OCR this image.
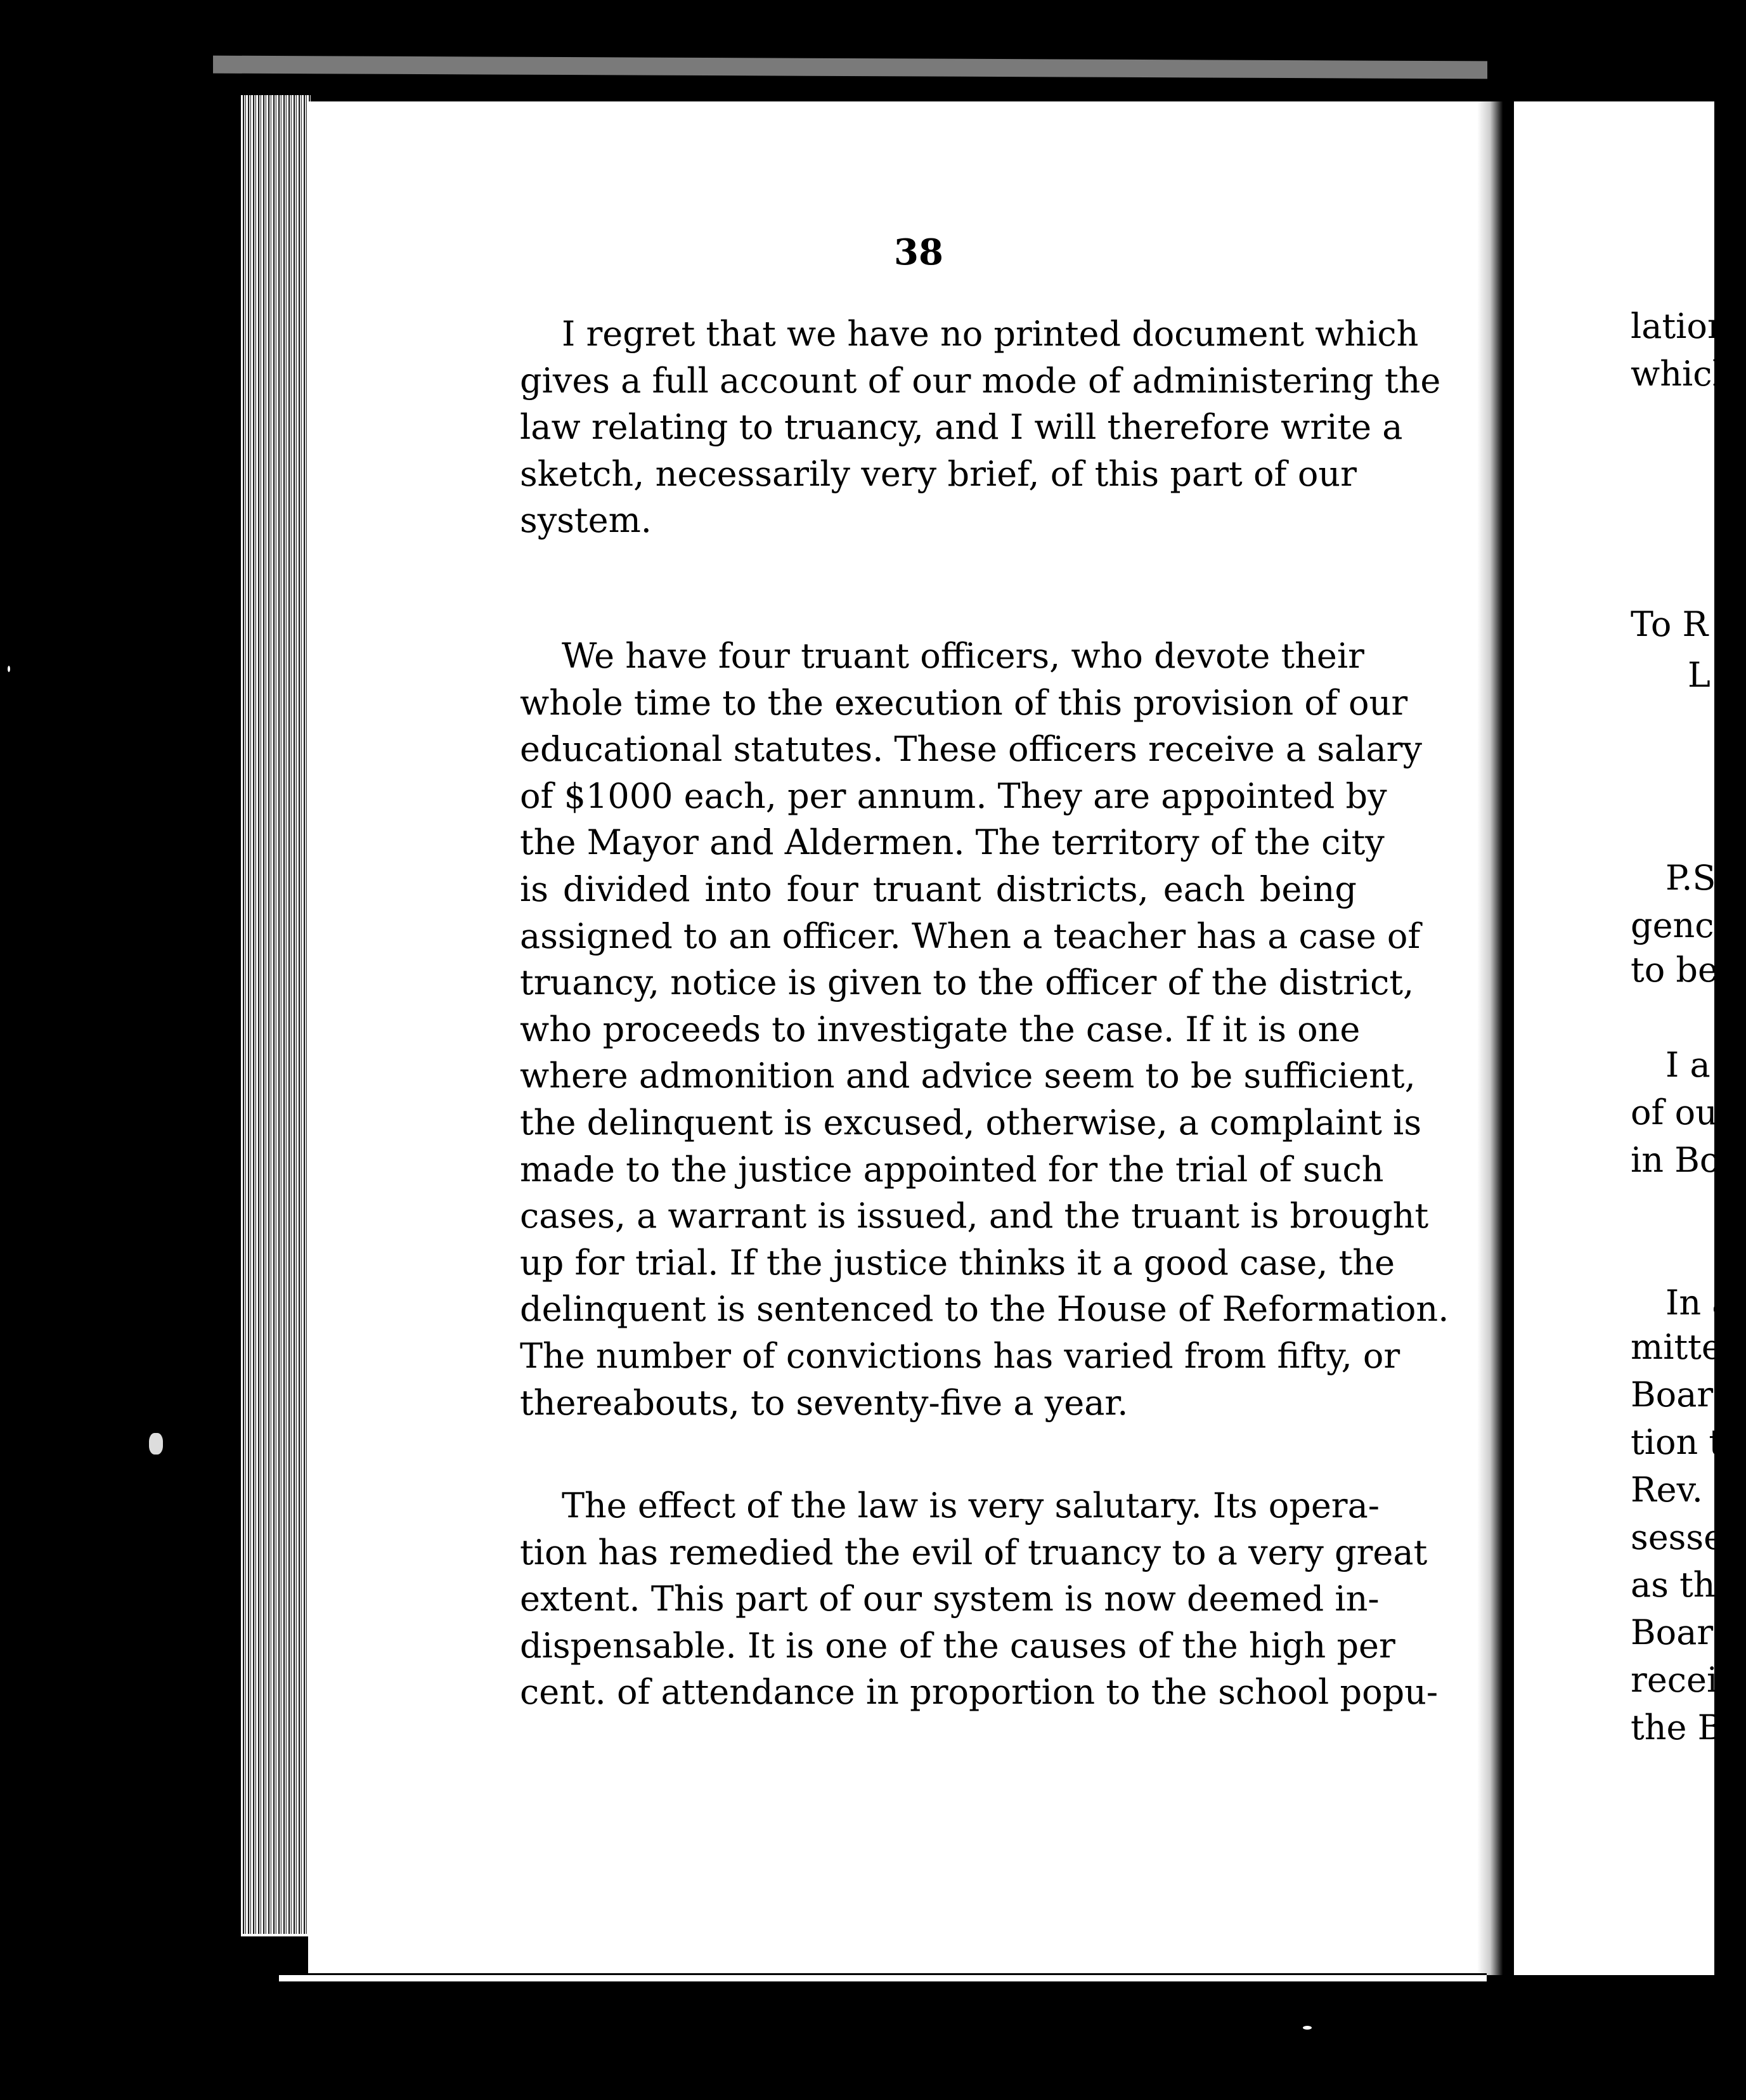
38
I regret that we have no printed document which
gives a full account of our mode of administering the
law relating to truancy, and I will therefore write a
sketch, necessarily very brief, of this part of our
system.
We have four truant officers, who devote their
whole time to the execution of this provision of our
educational statutes. These officers receive a salary
of $1000 each, per annum. They are appointed by
the Mayor and Aldermen. The territory of the city
is divided into four truant districts, each being
assigned to an officer. When a teacher has a case of
truancy, notice is given to the officer of the district,
who proceeds to investigate the case. If it is one
where admonition and advice seem to be sufficient,
the delinquent is excused, otherwise, a complaint is
made to the justice appointed for the trial of such
cases, a warrant is issued, and the truant is brought
up for trial. If the justice thinks it a good case, the
delinquent is sentenced to the House of Reformation.
The number of convictions has varied from fifty, or
thereabouts, to seventy-five a year.
The effect of the law is very salutary. Its opera-
tion has remedied the evil of truancy to a very great
extent. This part of our system is now deemed in-
dispensable. It is one of the causes of the high per
cent. of attendance in proportion to the school popu-
lation
which
To R
L
P.S
gence
to be,
I a
of our
in Bo
In a
mittee
Board
tion t
Rev.
sessed
as tha
Board
receiv
the Bo
